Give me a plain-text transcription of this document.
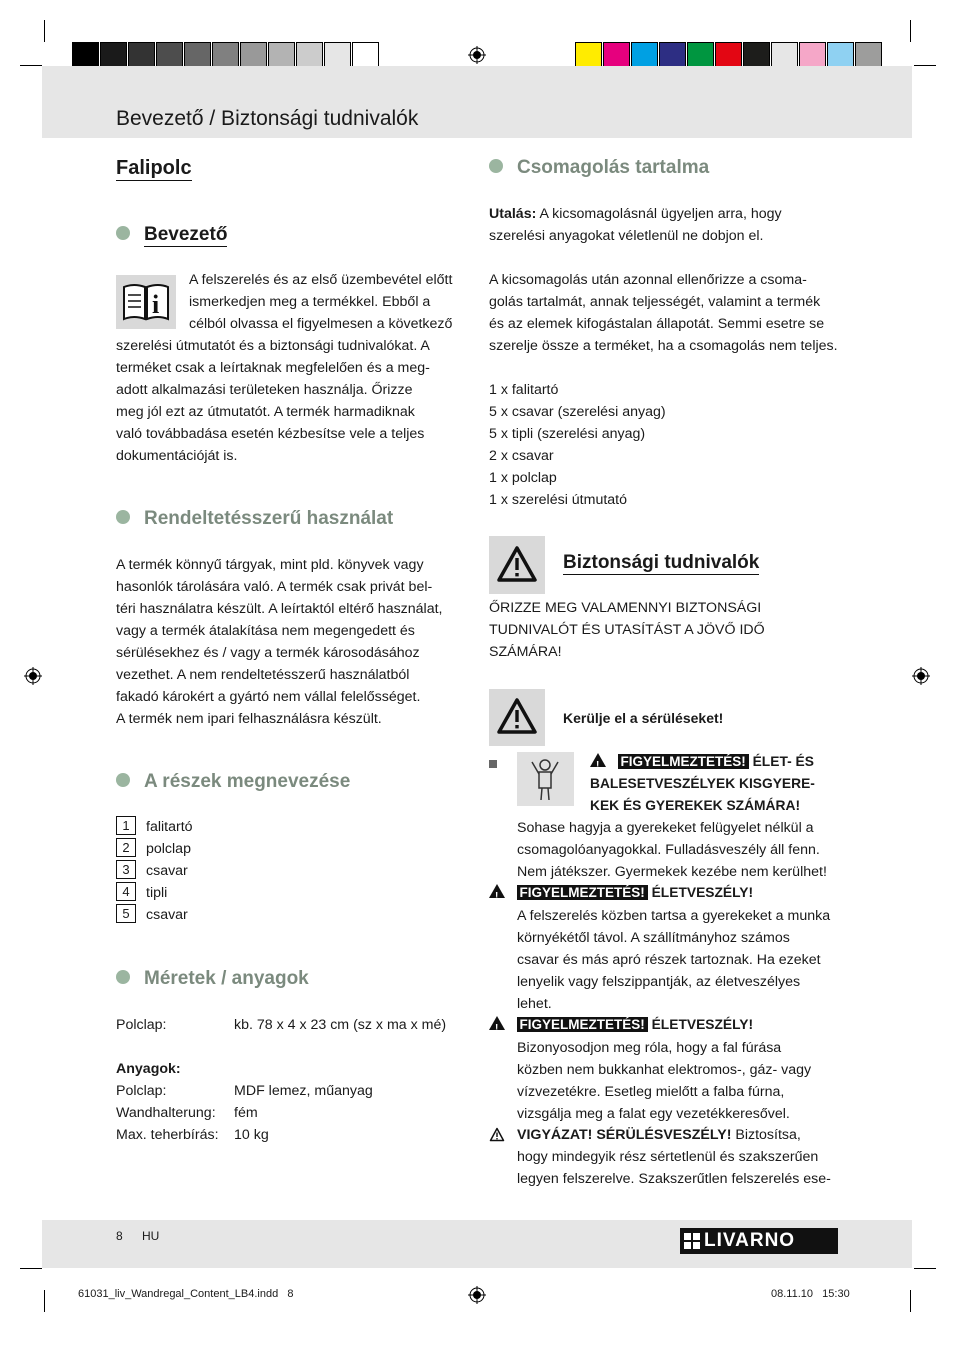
Bevezető / Biztonsági tudnivalók
Falipolc
Bevezető
i
A felszerelés és az első üzembevétel előtt
ismerkedjen meg a termékkel. Ebből a
célból olvassa el figyelmesen a következő
szerelési útmutatót és a biztonsági tudnivalókat. A
terméket csak a leírtaknak megfelelően és a meg-
adott alkalmazási területeken használja. Őrizze
meg jól ezt az útmutatót. A termék harmadiknak
való továbbadása esetén kézbesítse vele a teljes
dokumentációját is.
Rendeltetésszerű használat
A termék könnyű tárgyak, mint pld. könyvek vagy
hasonlók tárolására való. A termék csak privát bel-
téri használatra készült. A leírtaktól eltérő használat,
vagy a termék átalakítása nem megengedett és
sérülésekhez és / vagy a termék károsodásához
vezethet. A nem rendeltetésszerű használatból
fakadó károkért a gyártó nem vállal felelősséget.
A termék nem ipari felhasználásra készült.
A részek megnevezése
1 falitartó
2 polclap
3 csavar
4 tipli
5 csavar
Méretek / anyagok
Polclap:	kb. 78 x 4 x 23 cm (sz x ma x mé)
Anyagok:
Polclap:	MDF lemez, műanyag
Wandhalterung: fém
Max. teherbírás: 10 kg
Csomagolás tartalma
Utalás: A kicsomagolásnál ügyeljen arra, hogy
szerelési anyagokat véletlenül ne dobjon el.
A kicsomagolás után azonnal ellenőrizze a csoma-
golás tartalmát, annak teljességét, valamint a termék
és az elemek kifogástalan állapotát. Semmi esetre se
szerelje össze a terméket, ha a csomagolás nem teljes.
1 x falitartó
5 x csavar (szerelési anyag)
5 x tipli (szerelési anyag)
2 x csavar
1 x polclap
1 x szerelési útmutató
Biztonsági tudnivalók
ŐRIZZE MEG VALAMENNYI BIZTONSÁGI
TUDNIVALÓT ÉS UTASÍTÁST A JÖVŐ IDŐ
SZÁMÁRA!
Kerülje el a sérüléseket!
!   FIGYELMEZTETÉS! ÉLET- ÉS
BALESETVESZÉLYEK KISGYERE-
KEK ÉS GYEREKEK SZÁMÁRA!
Sohase hagyja a gyerekeket felügyelet nélkül a
csomagolóanyagokkal. Fulladásveszély áll fenn.
Nem játékszer. Gyermekek kezébe nem kerülhet!
!   FIGYELMEZTETÉS! ÉLETVESZÉLY!
A felszerelés közben tartsa a gyerekeket a munka
környékétől távol. A szállítmányhoz számos
csavar és más apró részek tartoznak. Ha ezeket
lenyelik vagy felszippantják, az életveszélyes
lehet.
!   FIGYELMEZTETÉS! ÉLETVESZÉLY!
Bizonyosodjon meg róla, hogy a fal fúrása
közben nem bukkanhat elektromos-, gáz- vagy
vízvezetékre. Esetleg mielőtt a falba fúrna,
vizsgálja meg a falat egy vezetékkeresővel.
VIGYÁZAT! SÉRÜLÉSVESZÉLY! Biztosítsa,
hogy mindegyik rész sértetlenül és szakszerűen
legyen felszerelve. Szakszerűtlen felszerelés ese-
8 HU	LIVARNO
61031_liv_Wandregal_Content_LB4.indd   8	08.11.10   15:30
